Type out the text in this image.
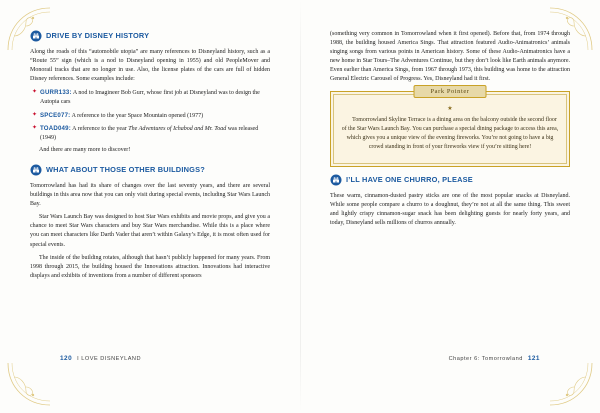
DRIVE BY DISNEY HISTORY

Along the roads of this “automobile utopia” are many references to Disneyland history, such as a “Route 55” sign (which is a nod to Disneyland opening in 1955) and old PeopleMover and Monorail tracks that are no longer in use. Also, the license plates of the cars are full of hidden Disney references. Some examples include:

✦ GURR133: A nod to Imagineer Bob Gurr, whose first job at Disneyland was to design the Autopia cars
✦ SPCE077: A reference to the year Space Mountain opened (1977)
✦ TOAD049: A reference to the year The Adventures of Ichabod and Mr. Toad was released (1949)

And there are many more to discover!

WHAT ABOUT THOSE OTHER BUILDINGS?

Tomorrowland has had its share of changes over the last seventy years, and there are several buildings in this area now that you can only visit during special events, including Star Wars Launch Bay.

Star Wars Launch Bay was designed to host Star Wars exhibits and movie props, and give you a chance to meet Star Wars characters and buy Star Wars merchandise. While this is a place where you can meet characters like Darth Vader that aren’t within Galaxy’s Edge, it is most often used for special events.

The inside of the building rotates, although that hasn’t publicly happened for many years. From 1998 through 2015, the building housed the Innovations attraction. Innovations had interactive displays and exhibits of inventions from a number of different sponsors

120 I LOVE DISNEYLAND

(something very common in Tomorrowland when it first opened). Before that, from 1974 through 1988, the building housed America Sings. That attraction featured Audio-Animatronics’ animals singing songs from various points in American history. Some of these Audio-Animatronics have a new home in Star Tours–The Adventures Continue, but they don’t look like Earth animals anymore. Even earlier than America Sings, from 1967 through 1973, this building was home to the attraction General Electric Carousel of Progress. Yes, Disneyland had it first.

Park Pointer
★

Tomorrowland Skyline Terrace is a dining area on the balcony outside the second floor of the Star Wars Launch Bay. You can purchase a special dining package to access this area, which gives you a unique view of the evening fireworks. You’re not going to have a big crowd standing in front of your fireworks view if you’re sitting here!

I’LL HAVE ONE CHURRO, PLEASE

These warm, cinnamon-dusted pastry sticks are one of the most popular snacks at Disneyland. While some people compare a churro to a doughnut, they’re not at all the same thing. This sweet and lightly crispy cinnamon-sugar snack has been delighting guests for nearly forty years, and today, Disneyland sells millions of churros annually.

Chapter 6: Tomorrowland 121
